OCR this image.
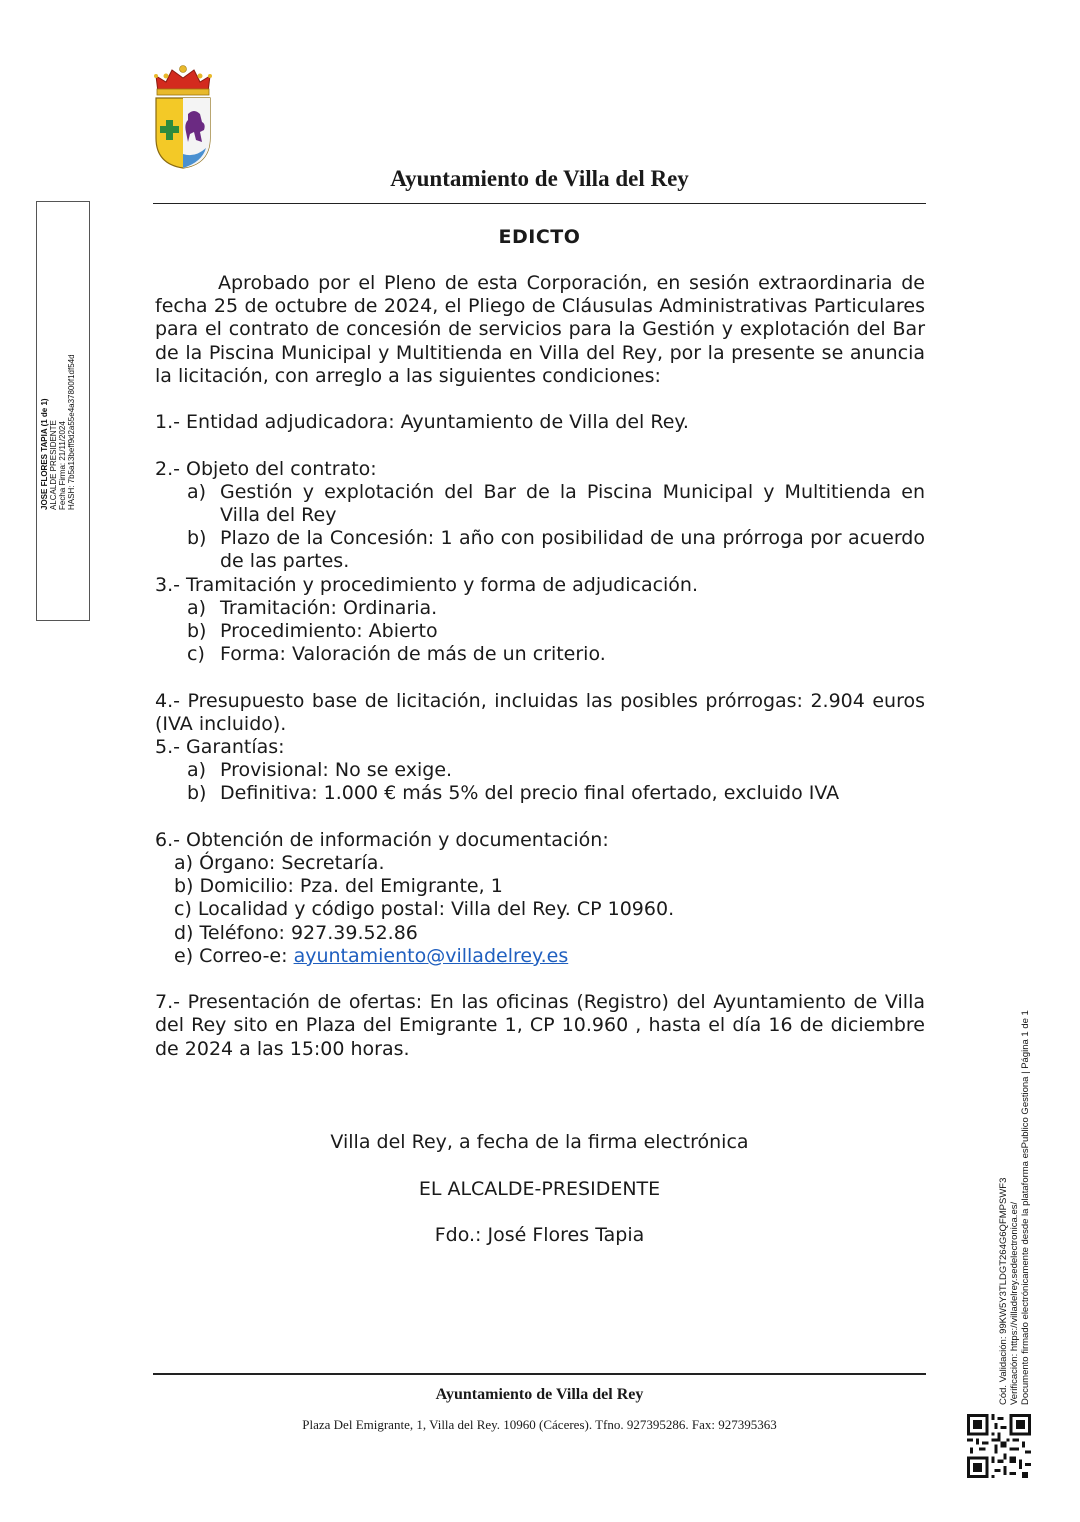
Ayuntamiento de Villa del Rey
EDICTO

Aprobado por el Pleno de esta Corporación, en sesión extraordinaria de fecha 25 de octubre de 2024, el Pliego de Cláusulas Administrativas Particulares para el contrato de concesión de servicios para la Gestión y explotación del Bar de la Piscina Municipal y Multitienda en Villa del Rey, por la presente se anuncia la licitación, con arreglo a las siguientes condiciones:

1.- Entidad adjudicadora: Ayuntamiento de Villa del Rey.

2.- Objeto del contrato:

a) Gestión y explotación del Bar de la Piscina Municipal y Multitienda en Villa del Rey
b) Plazo de la Concesión: 1 año con posibilidad de una prórroga por acuerdo de las partes.

3.- Tramitación y procedimiento y forma de adjudicación.

a) Tramitación: Ordinaria.
b) Procedimiento: Abierto
c) Forma: Valoración de más de un criterio.

4.- Presupuesto base de licitación, incluidas las posibles prórrogas: 2.904 euros (IVA incluido).

5.- Garantías:

a) Provisional: No se exige.
b) Definitiva: 1.000 € más 5% del precio final ofertado, excluido IVA

6.- Obtención de información y documentación:

a) Órgano: Secretaría.

b) Domicilio: Pza. del Emigrante, 1

c) Localidad y código postal: Villa del Rey. CP 10960.

d) Teléfono: 927.39.52.86

e) Correo-e: ayuntamiento@villadelrey.es

7.- Presentación de ofertas: En las oficinas (Registro) del Ayuntamiento de Villa del Rey sito en Plaza del Emigrante 1, CP 10.960 , hasta el día 16 de diciembre de 2024 a las 15:00 horas.

Villa del Rey, a fecha de la firma electrónica
EL ALCALDE-PRESIDENTE
Fdo.: José Flores Tapia
Ayuntamiento de Villa del Rey
Plaza Del Emigrante, 1, Villa del Rey. 10960 (Cáceres). Tfno. 927395286. Fax: 927395363
JOSE FLORES TAPIA (1 de 1) ALCALDE PRESIDENTE Fecha Firma: 21/11/2024 HASH: 7b5a13beff9d2a55e4a37800f1df54d
Cód. Validación: 99KW5Y3TLDGT264G6QFMPSWF3 Verificación: https://villadelrey.sedelectronica.es/ Documento firmado electrónicamente desde la plataforma esPublico Gestiona | Página 1 de 1
